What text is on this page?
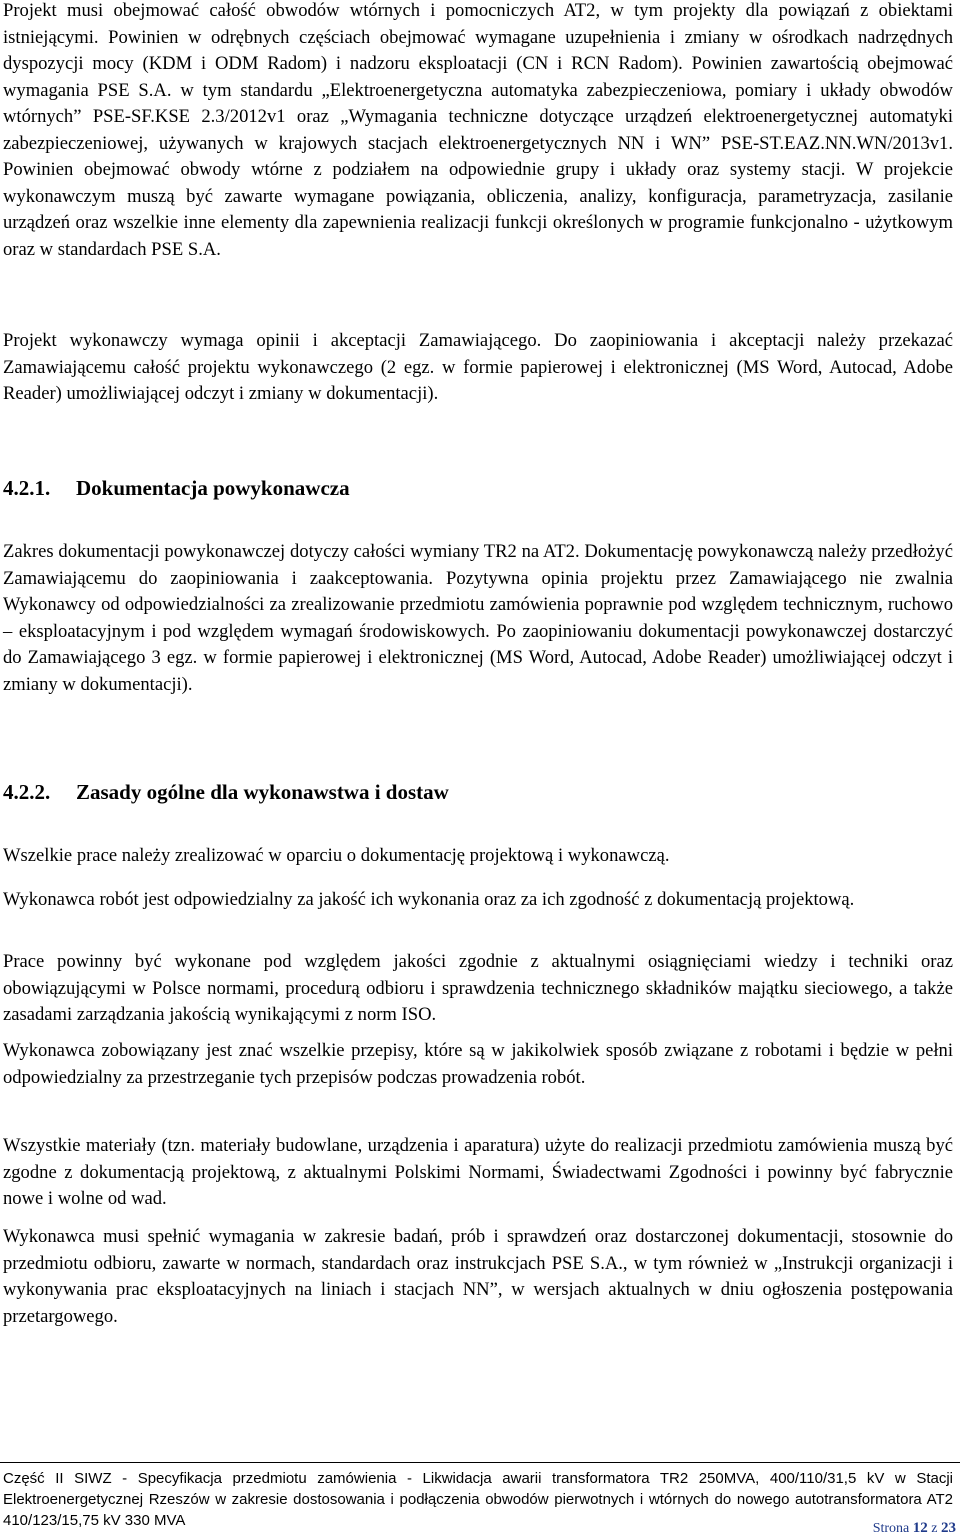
Projekt musi obejmować całość obwodów wtórnych i pomocniczych AT2, w tym projekty dla powiązań z obiektami istniejącymi. Powinien w odrębnych częściach obejmować wymagane uzupełnienia i zmiany w ośrodkach nadrzędnych dyspozycji mocy (KDM i ODM Radom) i nadzoru eksploatacji (CN i RCN Radom). Powinien zawartością obejmować wymagania PSE S.A. w tym standardu „Elektroenergetyczna automatyka zabezpieczeniowa, pomiary i układy obwodów wtórnych” PSE-SF.KSE 2.3/2012v1 oraz „Wymagania techniczne dotyczące urządzeń elektroenergetycznej automatyki zabezpieczeniowej, używanych w krajowych stacjach elektroenergetycznych NN i WN” PSE-ST.EAZ.NN.WN/2013v1. Powinien obejmować obwody wtórne z podziałem na odpowiednie grupy i układy oraz systemy stacji. W projekcie wykonawczym muszą być zawarte wymagane powiązania, obliczenia, analizy, konfiguracja, parametryzacja, zasilanie urządzeń oraz wszelkie inne elementy dla zapewnienia realizacji funkcji określonych w programie funkcjonalno - użytkowym oraz w standardach PSE S.A.

Projekt wykonawczy wymaga opinii i akceptacji Zamawiającego. Do zaopiniowania i akceptacji należy przekazać Zamawiającemu całość projektu wykonawczego (2 egz. w formie papierowej i elektronicznej (MS Word, Autocad, Adobe Reader) umożliwiającej odczyt i zmiany w dokumentacji).

4.2.1. Dokumentacja powykonawcza

Zakres dokumentacji powykonawczej dotyczy całości wymiany TR2 na AT2. Dokumentację powykonawczą należy przedłożyć Zamawiającemu do zaopiniowania i zaakceptowania. Pozytywna opinia projektu przez Zamawiającego nie zwalnia Wykonawcy od odpowiedzialności za zrealizowanie przedmiotu zamówienia poprawnie pod względem technicznym, ruchowo – eksploatacyjnym i pod względem wymagań środowiskowych. Po zaopiniowaniu dokumentacji powykonawczej dostarczyć do Zamawiającego 3 egz. w formie papierowej i elektronicznej (MS Word, Autocad, Adobe Reader) umożliwiającej odczyt i zmiany w dokumentacji).

4.2.2. Zasady ogólne dla wykonawstwa i dostaw

Wszelkie prace należy zrealizować w oparciu o dokumentację projektową i wykonawczą.

Wykonawca robót jest odpowiedzialny za jakość ich wykonania oraz za ich zgodność z dokumentacją projektową.

Prace powinny być wykonane pod względem jakości zgodnie z aktualnymi osiągnięciami wiedzy i techniki oraz obowiązującymi w Polsce normami, procedurą odbioru i sprawdzenia technicznego składników majątku sieciowego, a także zasadami zarządzania jakością wynikającymi z norm ISO.

Wykonawca zobowiązany jest znać wszelkie przepisy, które są w jakikolwiek sposób związane z robotami i będzie w pełni odpowiedzialny za przestrzeganie tych przepisów podczas prowadzenia robót.

Wszystkie materiały (tzn. materiały budowlane, urządzenia i aparatura) użyte do realizacji przedmiotu zamówienia muszą być zgodne z dokumentacją projektową, z aktualnymi Polskimi Normami, Świadectwami Zgodności i powinny być fabrycznie nowe i wolne od wad.

Wykonawca musi spełnić wymagania w zakresie badań, prób i sprawdzeń oraz dostarczonej dokumentacji, stosownie do przedmiotu odbioru, zawarte w normach, standardach oraz instrukcjach PSE S.A., w tym również w „Instrukcji organizacji i wykonywania prac eksploatacyjnych na liniach i stacjach NN”, w wersjach aktualnych w dniu ogłoszenia postępowania przetargowego.

Część II SIWZ - Specyfikacja przedmiotu zamówienia - Likwidacja awarii transformatora TR2 250MVA, 400/110/31,5 kV w Stacji Elektroenergetycznej Rzeszów w zakresie dostosowania i podłączenia obwodów pierwotnych i wtórnych do nowego autotransformatora AT2 410/123/15,75 kV 330 MVA	Strona 12 z 23
